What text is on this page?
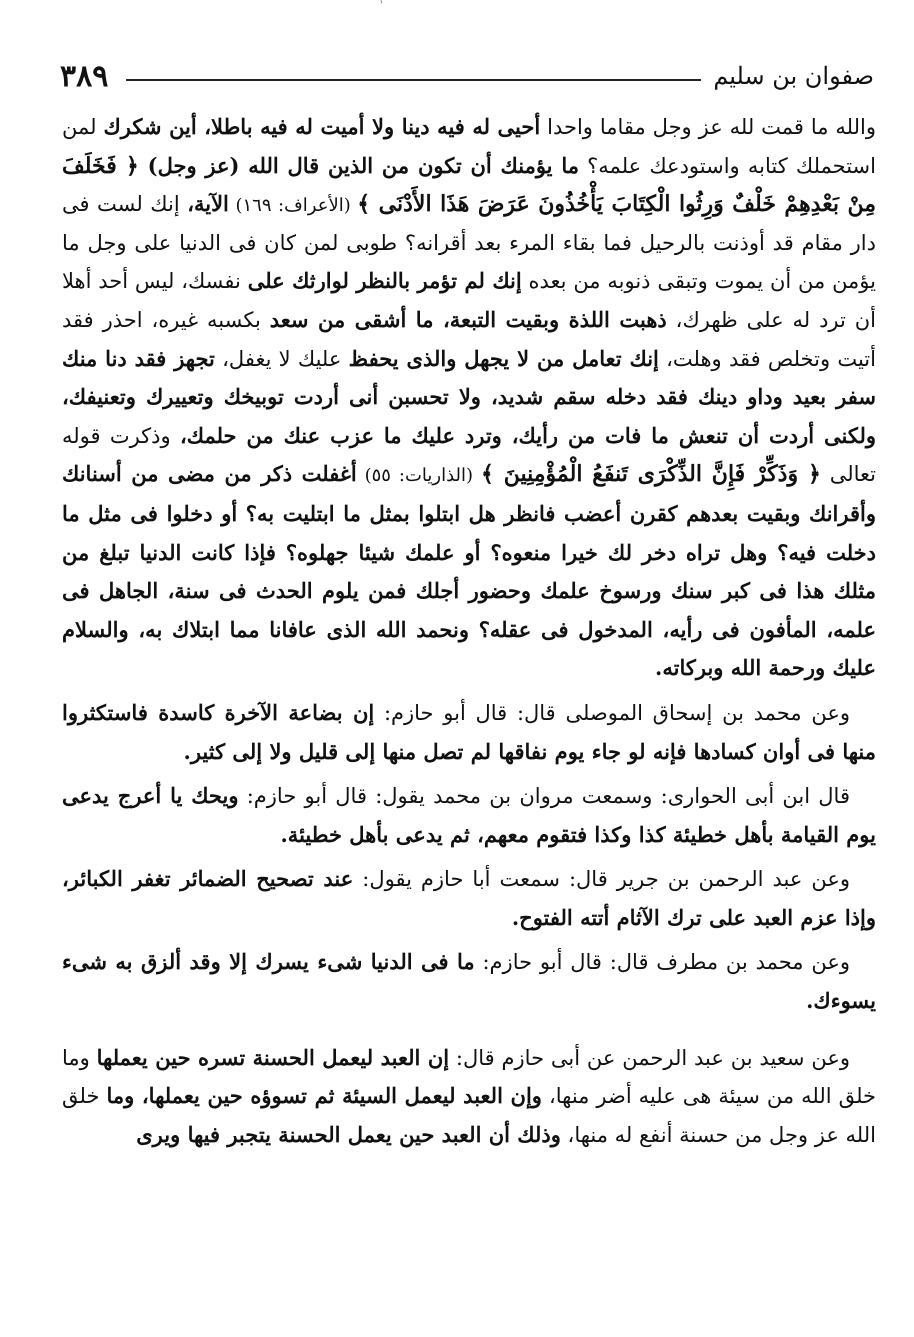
ⸯ
٣٨٩	صفوان بن سليم

والله ما قمت لله عز وجل مقاما واحدا أحيى له فيه دينا ولا أميت له فيه باطلا، أين شكرك لمن استحملك كتابه واستودعك علمه؟ ما يؤمنك أن تكون من الذين قال الله (عز وجل) ﴿ فَخَلَفَ مِنْ بَعْدِهِمْ خَلْفٌ وَرِثُوا الْكِتَابَ يَأْخُذُونَ عَرَضَ هَذَا الأَدْنَى ﴾ (الأعراف: ١٦٩) الآية، إنك لست فى دار مقام قد أوذنت بالرحيل فما بقاء المرء بعد أقرانه؟ طوبى لمن كان فى الدنيا على وجل ما يؤمن من أن يموت وتبقى ذنوبه من بعده إنك لم تؤمر بالنظر لوارثك على نفسك، ليس أحد أهلا أن ترد له على ظهرك، ذهبت اللذة وبقيت التبعة، ما أشقى من سعد بكسبه غيره، احذر فقد أتيت وتخلص فقد وهلت، إنك تعامل من لا يجهل والذى يحفظ عليك لا يغفل، تجهز فقد دنا منك سفر بعيد وداو دينك فقد دخله سقم شديد، ولا تحسبن أنى أردت توبيخك وتعييرك وتعنيفك، ولكنى أردت أن تنعش ما فات من رأيك، وترد عليك ما عزب عنك من حلمك، وذكرت قوله تعالى ﴿ وَذَكِّرْ فَإِنَّ الذِّكْرَى تَنفَعُ الْمُؤْمِنِينَ ﴾ (الذاريات: ٥٥) أغفلت ذكر من مضى من أسنانك وأقرانك وبقيت بعدهم كقرن أعضب فانظر هل ابتلوا بمثل ما ابتليت به؟ أو دخلوا فى مثل ما دخلت فيه؟ وهل تراه دخر لك خيرا منعوه؟ أو علمك شيئا جهلوه؟ فإذا كانت الدنيا تبلغ من مثلك هذا فى كبر سنك ورسوخ علمك وحضور أجلك فمن يلوم الحدث فى سنة، الجاهل فى علمه، المأفون فى رأيه، المدخول فى عقله؟ ونحمد الله الذى عافانا مما ابتلاك به، والسلام عليك ورحمة الله وبركاته.

وعن محمد بن إسحاق الموصلى قال: قال أبو حازم: إن بضاعة الآخرة كاسدة فاستكثروا منها فى أوان كسادها فإنه لو جاء يوم نفاقها لم تصل منها إلى قليل ولا إلى كثير.

قال ابن أبى الحوارى: وسمعت مروان بن محمد يقول: قال أبو حازم: ويحك يا أعرج يدعى يوم القيامة بأهل خطيئة كذا وكذا فتقوم معهم، ثم يدعى بأهل خطيئة.

وعن عبد الرحمن بن جرير قال: سمعت أبا حازم يقول: عند تصحيح الضمائر تغفر الكبائر، وإذا عزم العبد على ترك الآثام أتته الفتوح.

وعن محمد بن مطرف قال: قال أبو حازم: ما فى الدنيا شىء يسرك إلا وقد ألزق به شىء يسوءك.

وعن سعيد بن عبد الرحمن عن أبى حازم قال: إن العبد ليعمل الحسنة تسره حين يعملها وما خلق الله من سيئة هى عليه أضر منها، وإن العبد ليعمل السيئة ثم تسوؤه حين يعملها، وما خلق الله عز وجل من حسنة أنفع له منها، وذلك أن العبد حين يعمل الحسنة يتجبر فيها ويرى
